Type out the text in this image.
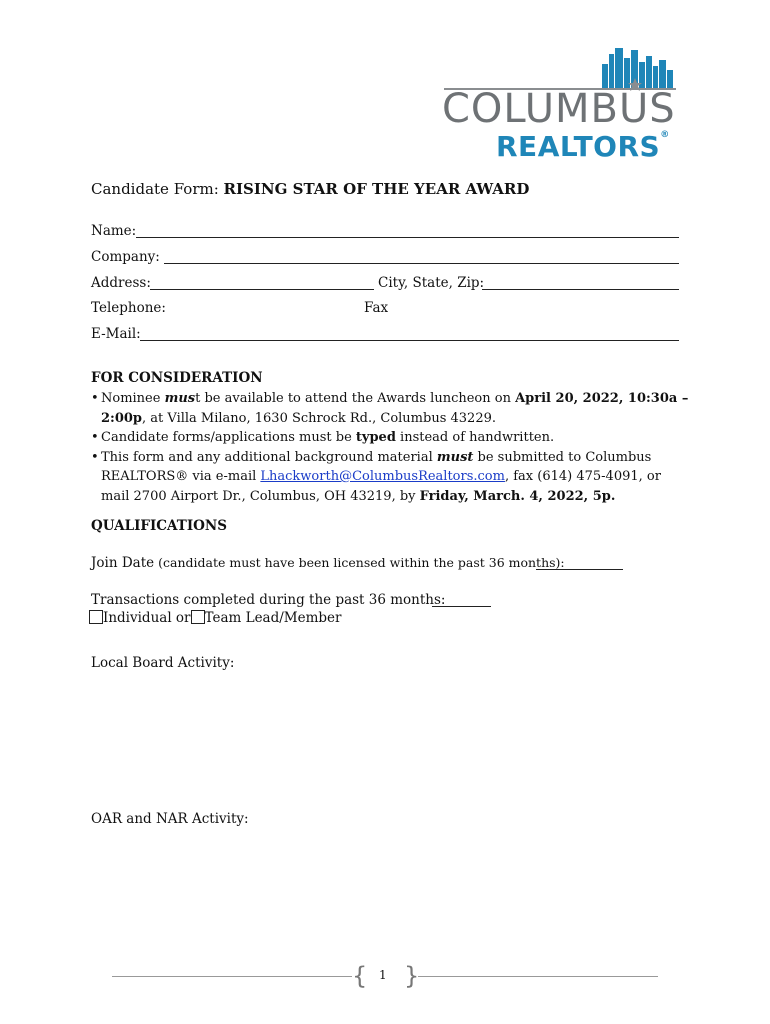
COLUMBUS
REALTORS®
Candidate Form: RISING STAR OF THE YEAR AWARD
Name:
Company:
Address:	City, State, Zip:
Telephone:	Fax
E-Mail:
FOR CONSIDERATION
• Nominee must be available to attend the Awards luncheon on April 20, 2022, 10:30a – 2:00p, at Villa Milano, 1630 Schrock Rd., Columbus 43229.
• Candidate forms/applications must be typed instead of handwritten.
• This form and any additional background material must be submitted to Columbus REALTORS® via e-mail Lhackworth@ColumbusRealtors.com, fax (614) 475-4091, or mail 2700 Airport Dr., Columbus, OH 43219, by Friday, March. 4, 2022, 5p.
QUALIFICATIONS
Join Date (candidate must have been licensed within the past 36 months):
Transactions completed during the past 36 months:
Individual or Team Lead/Member
Local Board Activity:
OAR and NAR Activity:
{ 1 }
